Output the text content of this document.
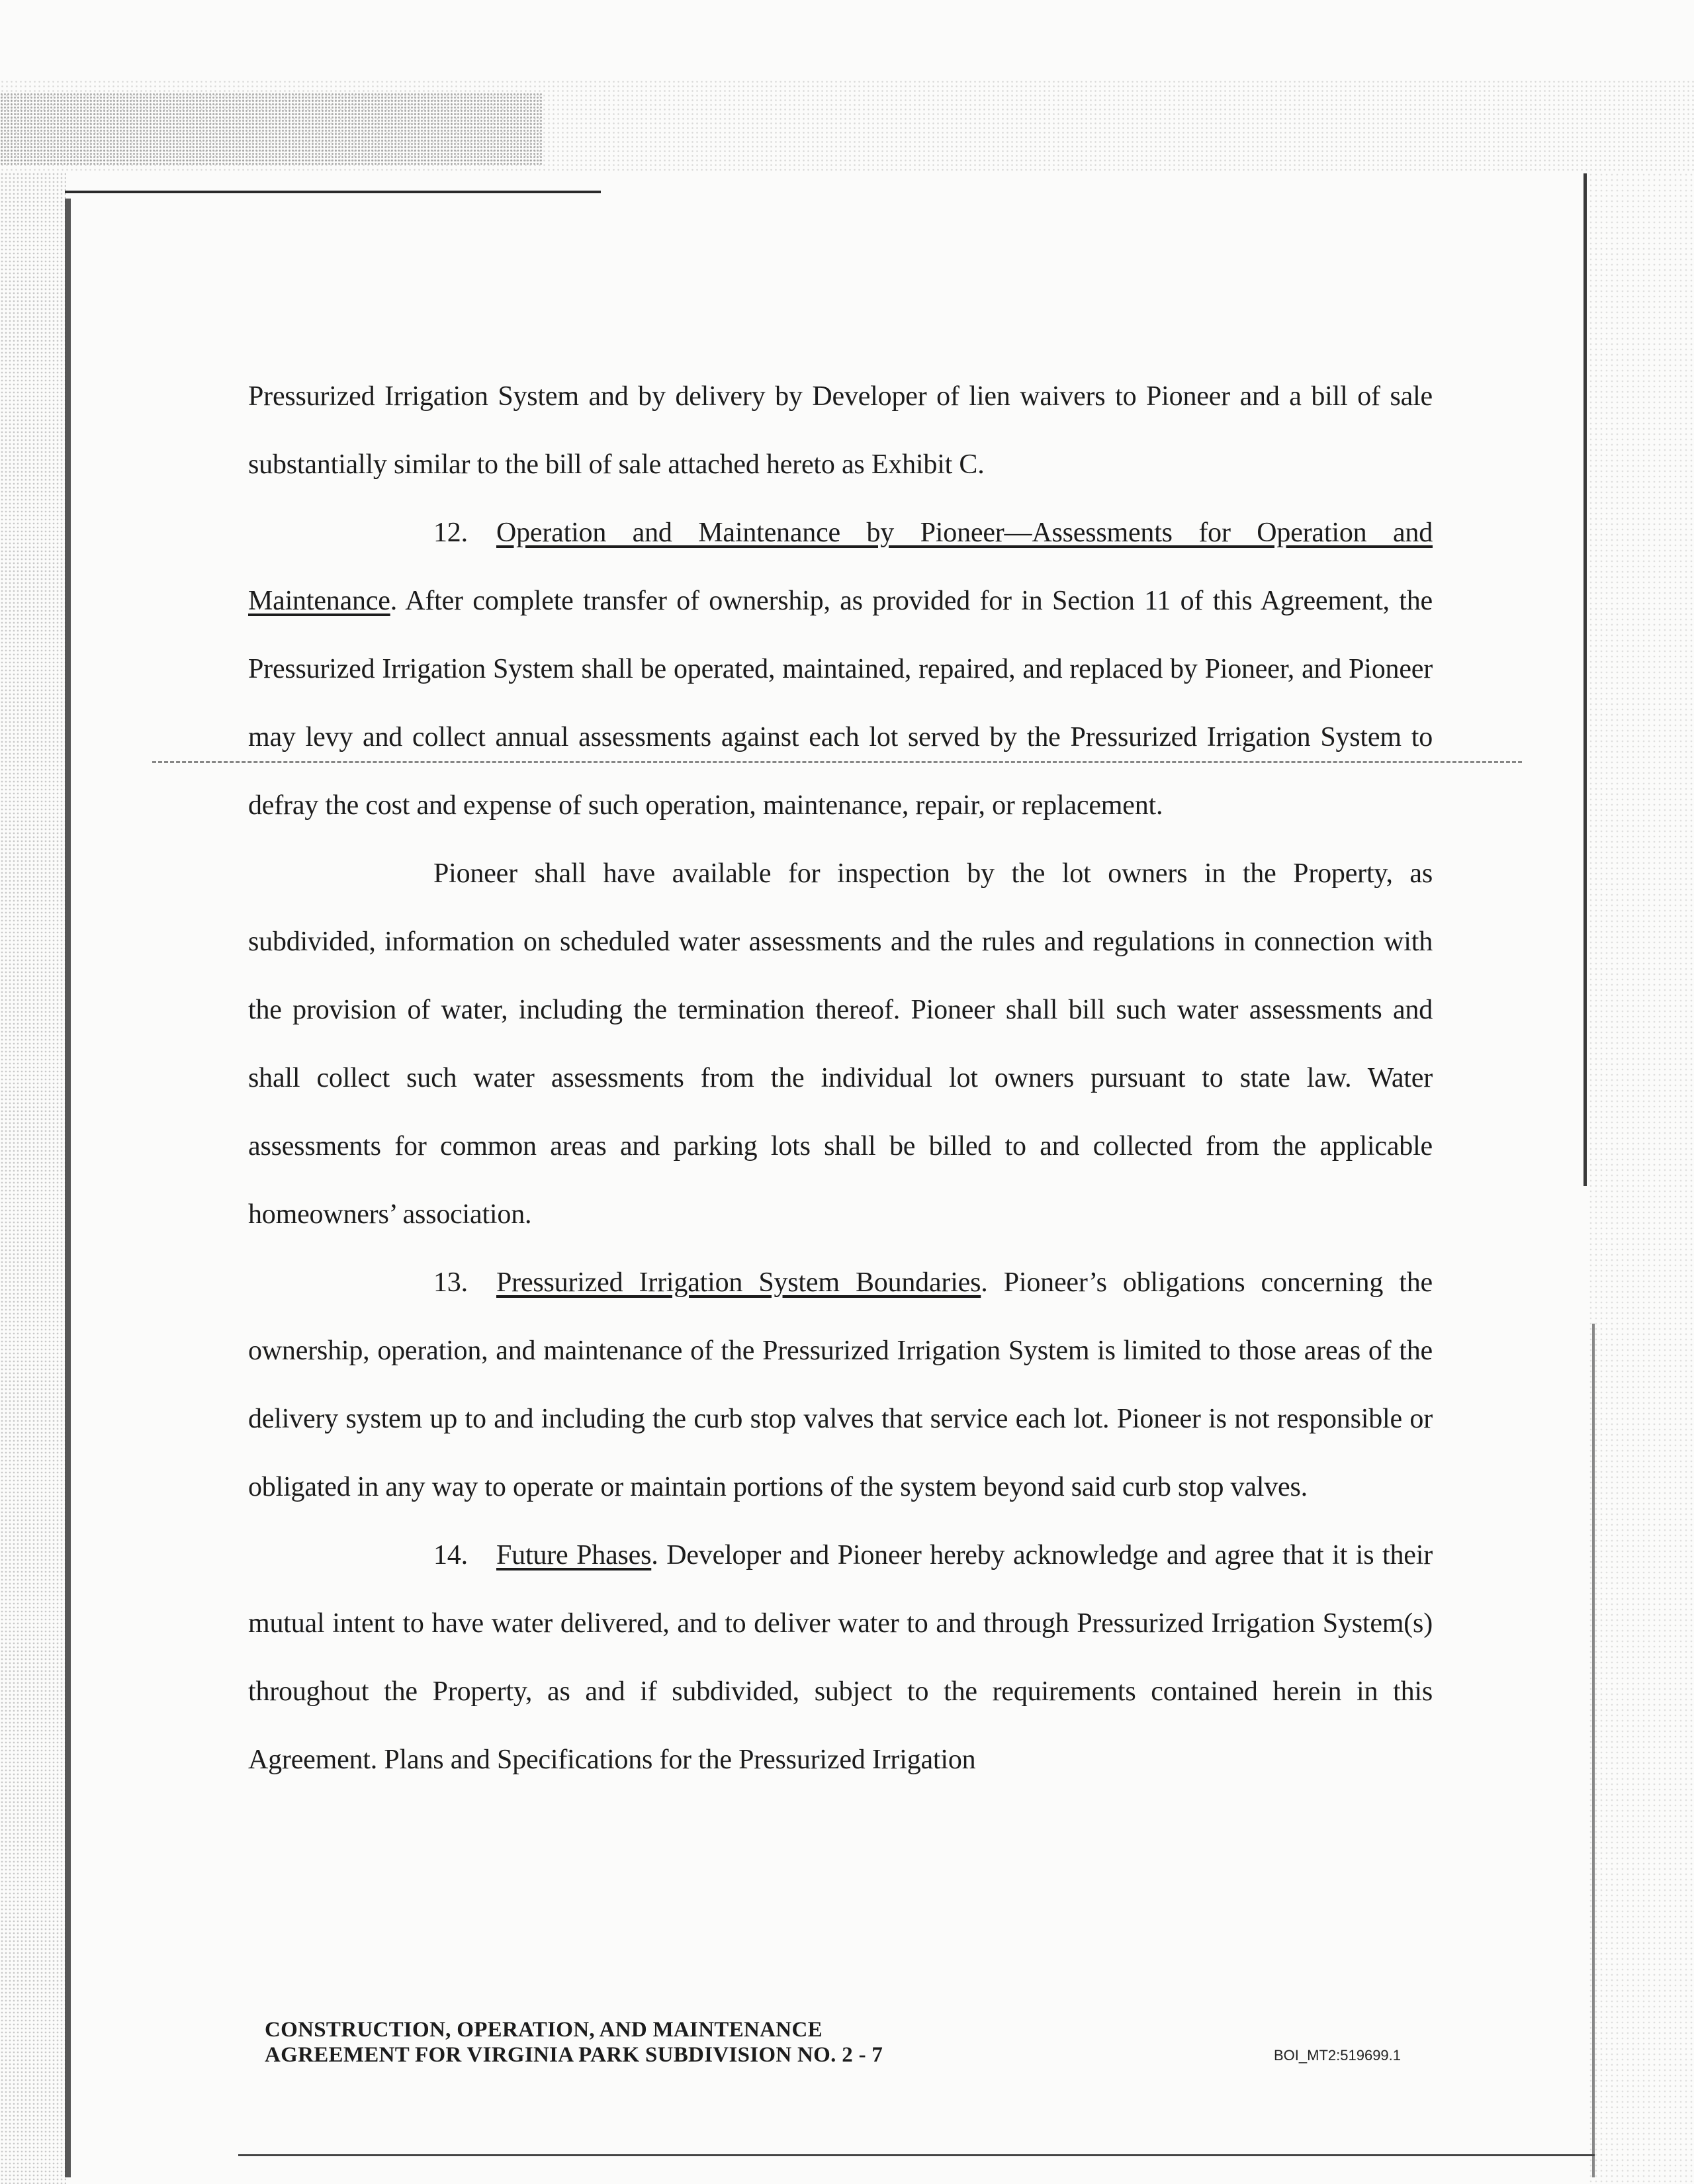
Pressurized Irrigation System and by delivery by Developer of lien waivers to Pioneer and a bill of sale substantially similar to the bill of sale attached hereto as Exhibit C.

12. Operation and Maintenance by Pioneer—Assessments for Operation and Maintenance. After complete transfer of ownership, as provided for in Section 11 of this Agreement, the Pressurized Irrigation System shall be operated, maintained, repaired, and replaced by Pioneer, and Pioneer may levy and collect annual assessments against each lot served by the Pressurized Irrigation System to defray the cost and expense of such operation, maintenance, repair, or replacement.

Pioneer shall have available for inspection by the lot owners in the Property, as subdivided, information on scheduled water assessments and the rules and regulations in connection with the provision of water, including the termination thereof. Pioneer shall bill such water assessments and shall collect such water assessments from the individual lot owners pursuant to state law. Water assessments for common areas and parking lots shall be billed to and collected from the applicable homeowners’ association.

13. Pressurized Irrigation System Boundaries. Pioneer’s obligations concerning the ownership, operation, and maintenance of the Pressurized Irrigation System is limited to those areas of the delivery system up to and including the curb stop valves that service each lot. Pioneer is not responsible or obligated in any way to operate or maintain portions of the system beyond said curb stop valves.

14. Future Phases. Developer and Pioneer hereby acknowledge and agree that it is their mutual intent to have water delivered, and to deliver water to and through Pressurized Irrigation System(s) throughout the Property, as and if subdivided, subject to the requirements contained herein in this Agreement. Plans and Specifications for the Pressurized Irrigation

CONSTRUCTION, OPERATION, AND MAINTENANCE
AGREEMENT FOR VIRGINIA PARK SUBDIVISION NO. 2 - 7	BOI_MT2:519699.1
